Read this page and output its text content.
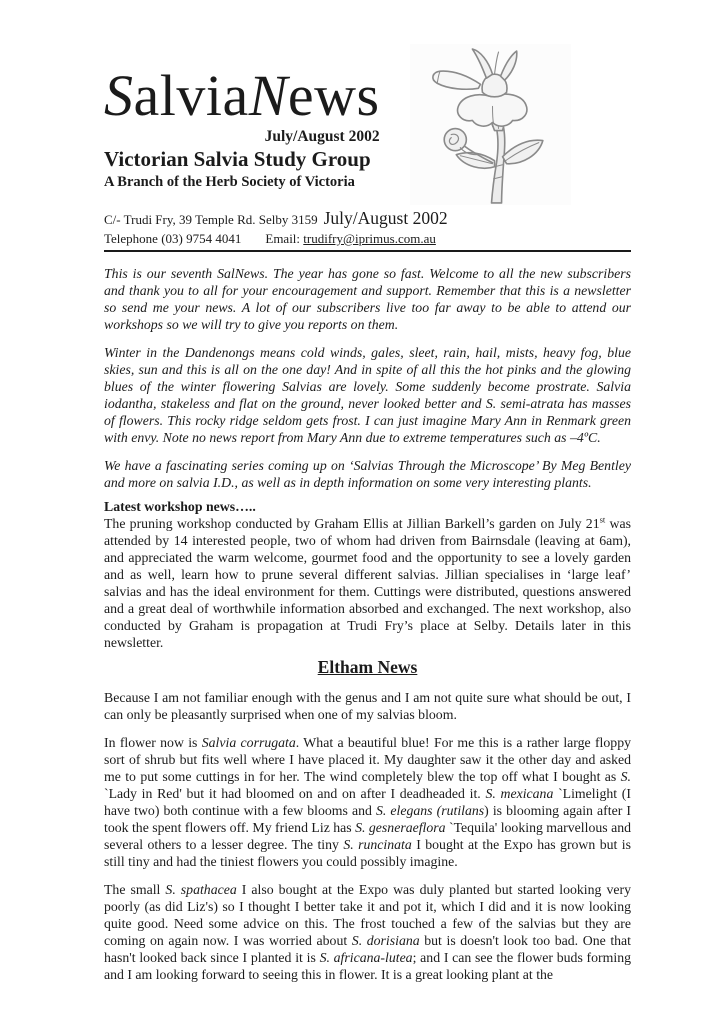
SalviaNews
July/August 2002
Victorian Salvia Study Group
A Branch of the Herb Society of Victoria
C/- Trudi Fry, 39 Temple Rd. Selby 3159 July/August 2002
Telephone (03) 9754 4041 Email: trudifry@iprimus.com.au

This is our seventh SalNews. The year has gone so fast. Welcome to all the new subscribers and thank you to all for your encouragement and support. Remember that this is a newsletter so send me your news. A lot of our subscribers live too far away to be able to attend our workshops so we will try to give you reports on them.

Winter in the Dandenongs means cold winds, gales, sleet, rain, hail, mists, heavy fog, blue skies, sun and this is all on the one day! And in spite of all this the hot pinks and the glowing blues of the winter flowering Salvias are lovely. Some suddenly become prostrate. Salvia iodantha, stakeless and flat on the ground, never looked better and S. semi-atrata has masses of flowers. This rocky ridge seldom gets frost. I can just imagine Mary Ann in Renmark green with envy. Note no news report from Mary Ann due to extreme temperatures such as –4ºC.

We have a fascinating series coming up on ‘Salvias Through the Microscope’ By Meg Bentley and more on salvia I.D., as well as in depth information on some very interesting plants.

Latest workshop news…..

The pruning workshop conducted by Graham Ellis at Jillian Barkell’s garden on July 21st was attended by 14 interested people, two of whom had driven from Bairnsdale (leaving at 6am), and appreciated the warm welcome, gourmet food and the opportunity to see a lovely garden and as well, learn how to prune several different salvias. Jillian specialises in ‘large leaf’ salvias and has the ideal environment for them. Cuttings were distributed, questions answered and a great deal of worthwhile information absorbed and exchanged. The next workshop, also conducted by Graham is propagation at Trudi Fry’s place at Selby. Details later in this newsletter.

Eltham News

Because I am not familiar enough with the genus and I am not quite sure what should be out, I can only be pleasantly surprised when one of my salvias bloom.

In flower now is Salvia corrugata. What a beautiful blue! For me this is a rather large floppy sort of shrub but fits well where I have placed it. My daughter saw it the other day and asked me to put some cuttings in for her. The wind completely blew the top off what I bought as S. `Lady in Red' but it had bloomed on and on after I deadheaded it. S. mexicana `Limelight (I have two) both continue with a few blooms and S. elegans (rutilans) is blooming again after I took the spent flowers off. My friend Liz has S. gesneraeflora `Tequila' looking marvellous and several others to a lesser degree. The tiny S. runcinata I bought at the Expo has grown but is still tiny and had the tiniest flowers you could possibly imagine.

The small S. spathacea I also bought at the Expo was duly planted but started looking very poorly (as did Liz's) so I thought I better take it and pot it, which I did and it is now looking quite good. Need some advice on this. The frost touched a few of the salvias but they are coming on again now. I was worried about S. dorisiana but is doesn't look too bad. One that hasn't looked back since I planted it is S. africana-lutea; and I can see the flower buds forming and I am looking forward to seeing this in flower. It is a great looking plant at the
